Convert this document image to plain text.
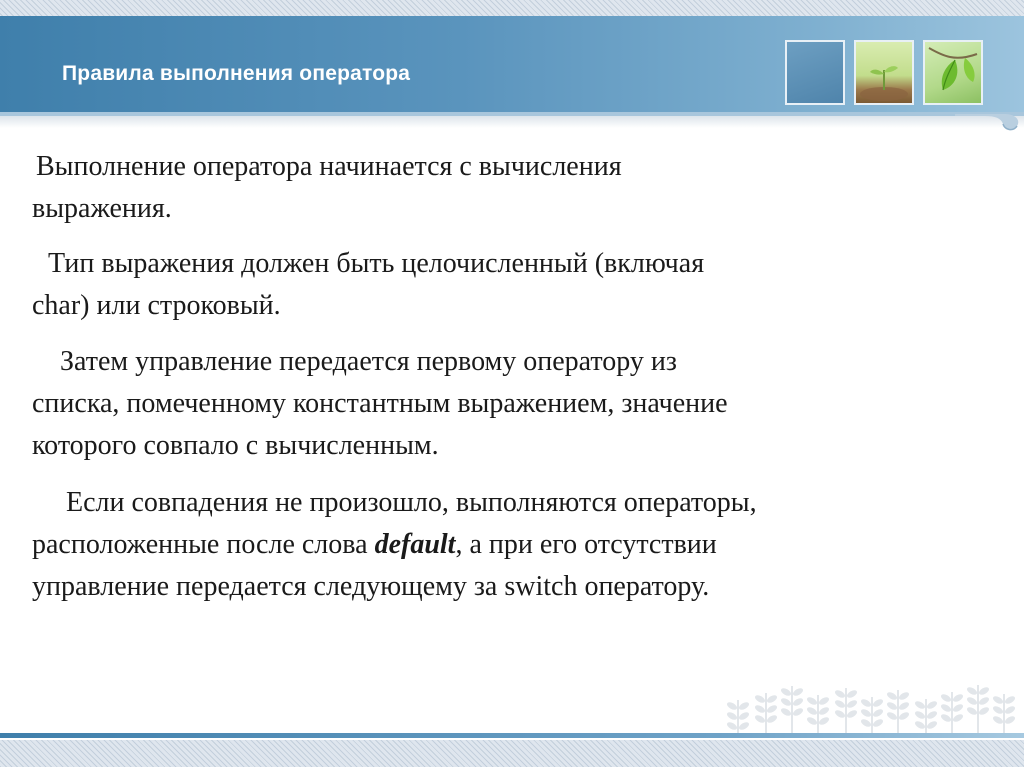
Правила выполнения оператора
Выполнение оператора начинается с вычисления
выражения.
Тип выражения должен быть целочисленный (включая
char) или строковый.
Затем управление передается первому оператору из
списка, помеченному константным выражением, значение
которого совпало с вычисленным.
Если совпадения не произошло, выполняются операторы,
расположенные после слова default, а при его отсутствии
управление передается следующему за switch оператору.
